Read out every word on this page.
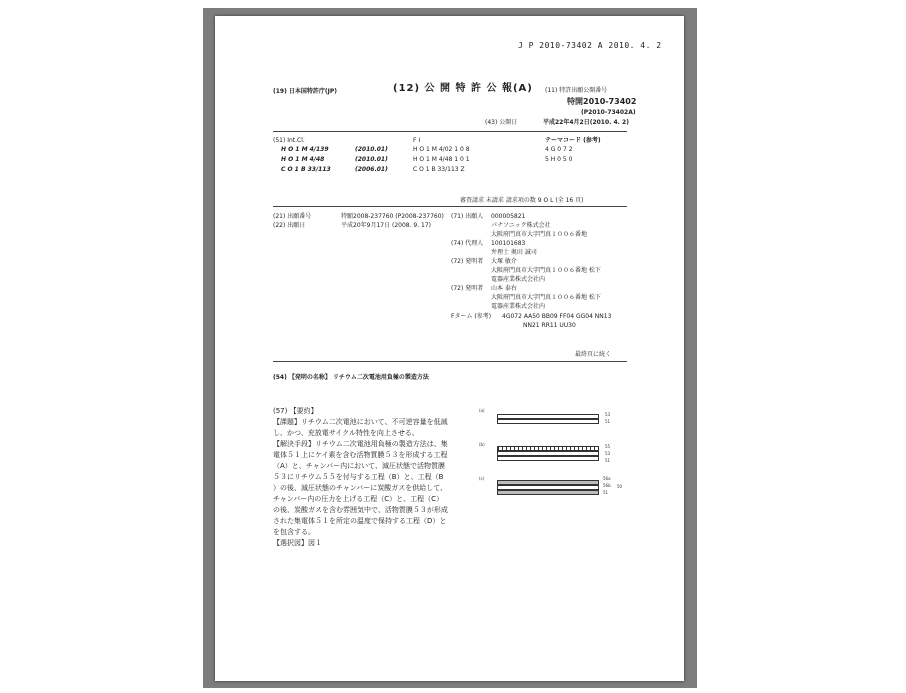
J P 2010-73402 A 2010. 4. 2
(19) 日本国特許庁(JP)	(12) 公 開 特 許 公 報(A) (11) 特許出願公開番号
特開2010-73402
(P2010-73402A)
(43) 公開日	平成22年4月2日(2010. 4. 2)
(51) Int.Cl.	F I	テーマコード (参考)
H O 1 M 4/139	(2010.01)	H O 1 M 4/02 1 0 8	4 G 0 7 2
H O 1 M 4/48	(2010.01)	H O 1 M 4/48 1 0 1	5 H 0 5 0
C O 1 B 33/113	(2006.01)	C O 1 B 33/113 Z
審査請求 未請求 請求項の数 9 O L (全 16 頁)
(21) 出願番号	特願2008-237760 (P2008-237760)
(22) 出願日	平成20年9月17日 (2008. 9. 17)
(71) 出願人 000005821
パナソニック株式会社
大阪府門真市大字門真１００６番地
(74) 代理人 100101683
弁理士 奥田 誠司
(72) 発明者 大塚 敏介
大阪府門真市大字門真１００６番地 松下
電器産業株式会社内
(72) 発明者 山本 泰右
大阪府門真市大字門真１００６番地 松下
電器産業株式会社内
Fターム (参考) 4G072 AA50 BB09 FF04 GG04 NN13
NN21 RR11 UU30
最終頁に続く
(54) 【発明の名称】 リチウム二次電池用負極の製造方法
(57) 【要約】
【課題】リチウム二次電池において、不可逆容量を低減
し、かつ、充放電サイクル特性を向上させる。
【解決手段】リチウム二次電池用負極の製造方法は、集
電体５１上にケイ素を含む活物質膜５３を形成する工程
（A）と、チャンバー内において、減圧状態で活物質膜
５３にリチウム５５を付与する工程（B）と、工程（B
）の後、減圧状態のチャンバーに炭酸ガスを供給して、
チャンバー内の圧力を上げる工程（C）と、工程（C）
の後、炭酸ガスを含む雰囲気中で、活物質膜５３が形成
された集電体５１を所定の温度で保持する工程（D）と
を包含する。
【選択図】図１
(a)
53
51
(b)	55
53
51
(c)	56a
56b
51
50
